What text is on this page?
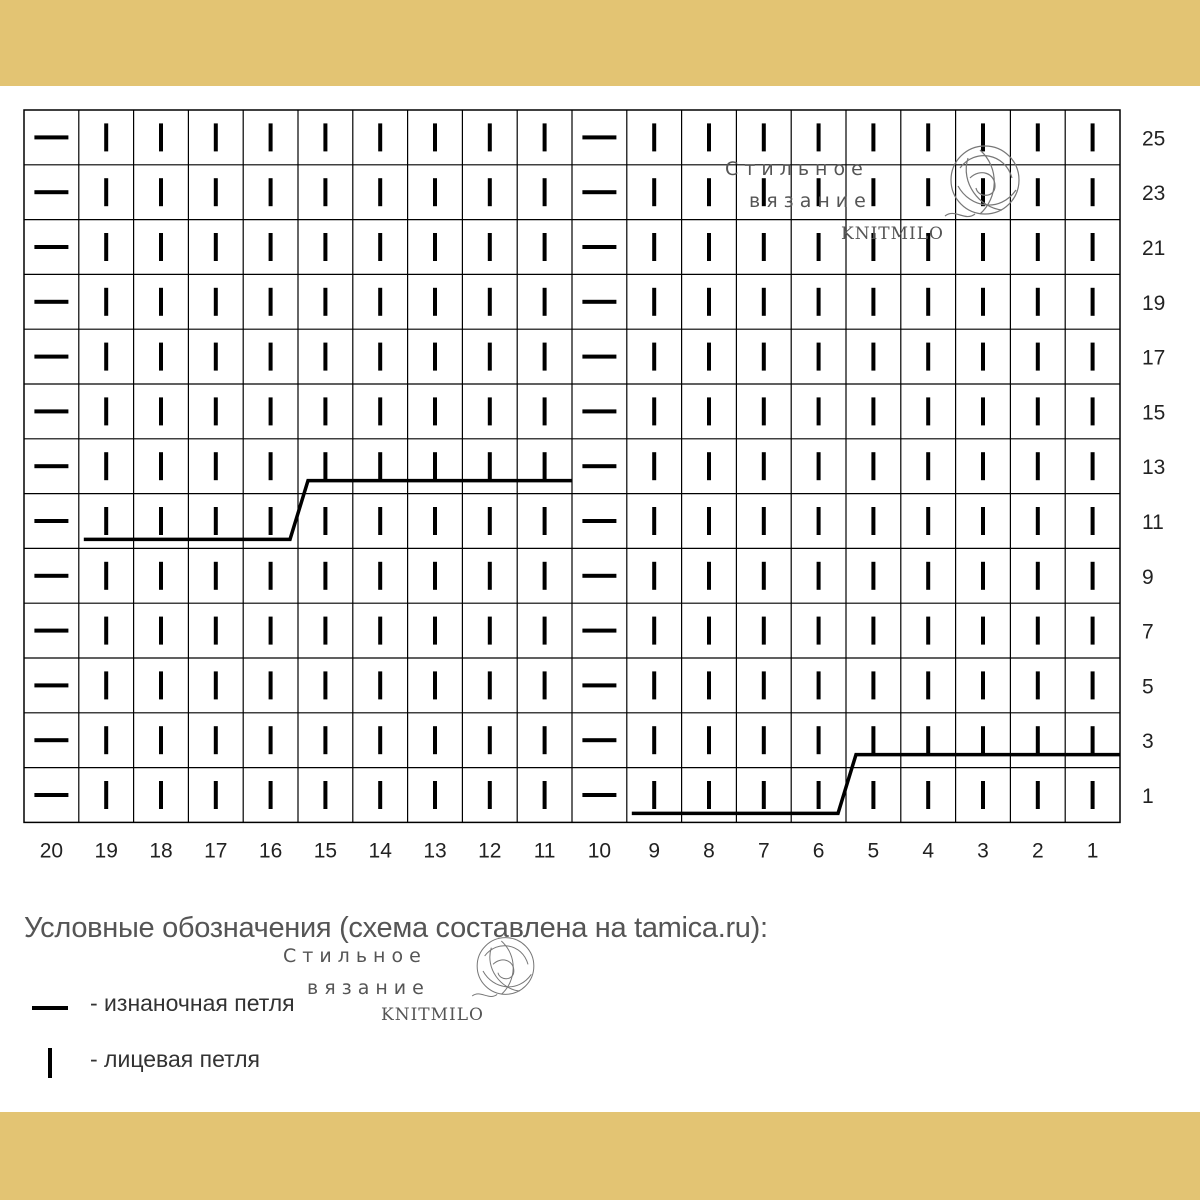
25
23
21
19
17
15
13
11
9
7
5
3
1
20 19 18 17 16 15 14 13 12 11 10 9 8 7 6 5 4 3 2 1
Стильное
вязание
KNITMILO
Условные обозначения (схема составлена на tamica.ru):
- изнаночная петля
- лицевая петля
Стильное
вязание
KNITMILO
